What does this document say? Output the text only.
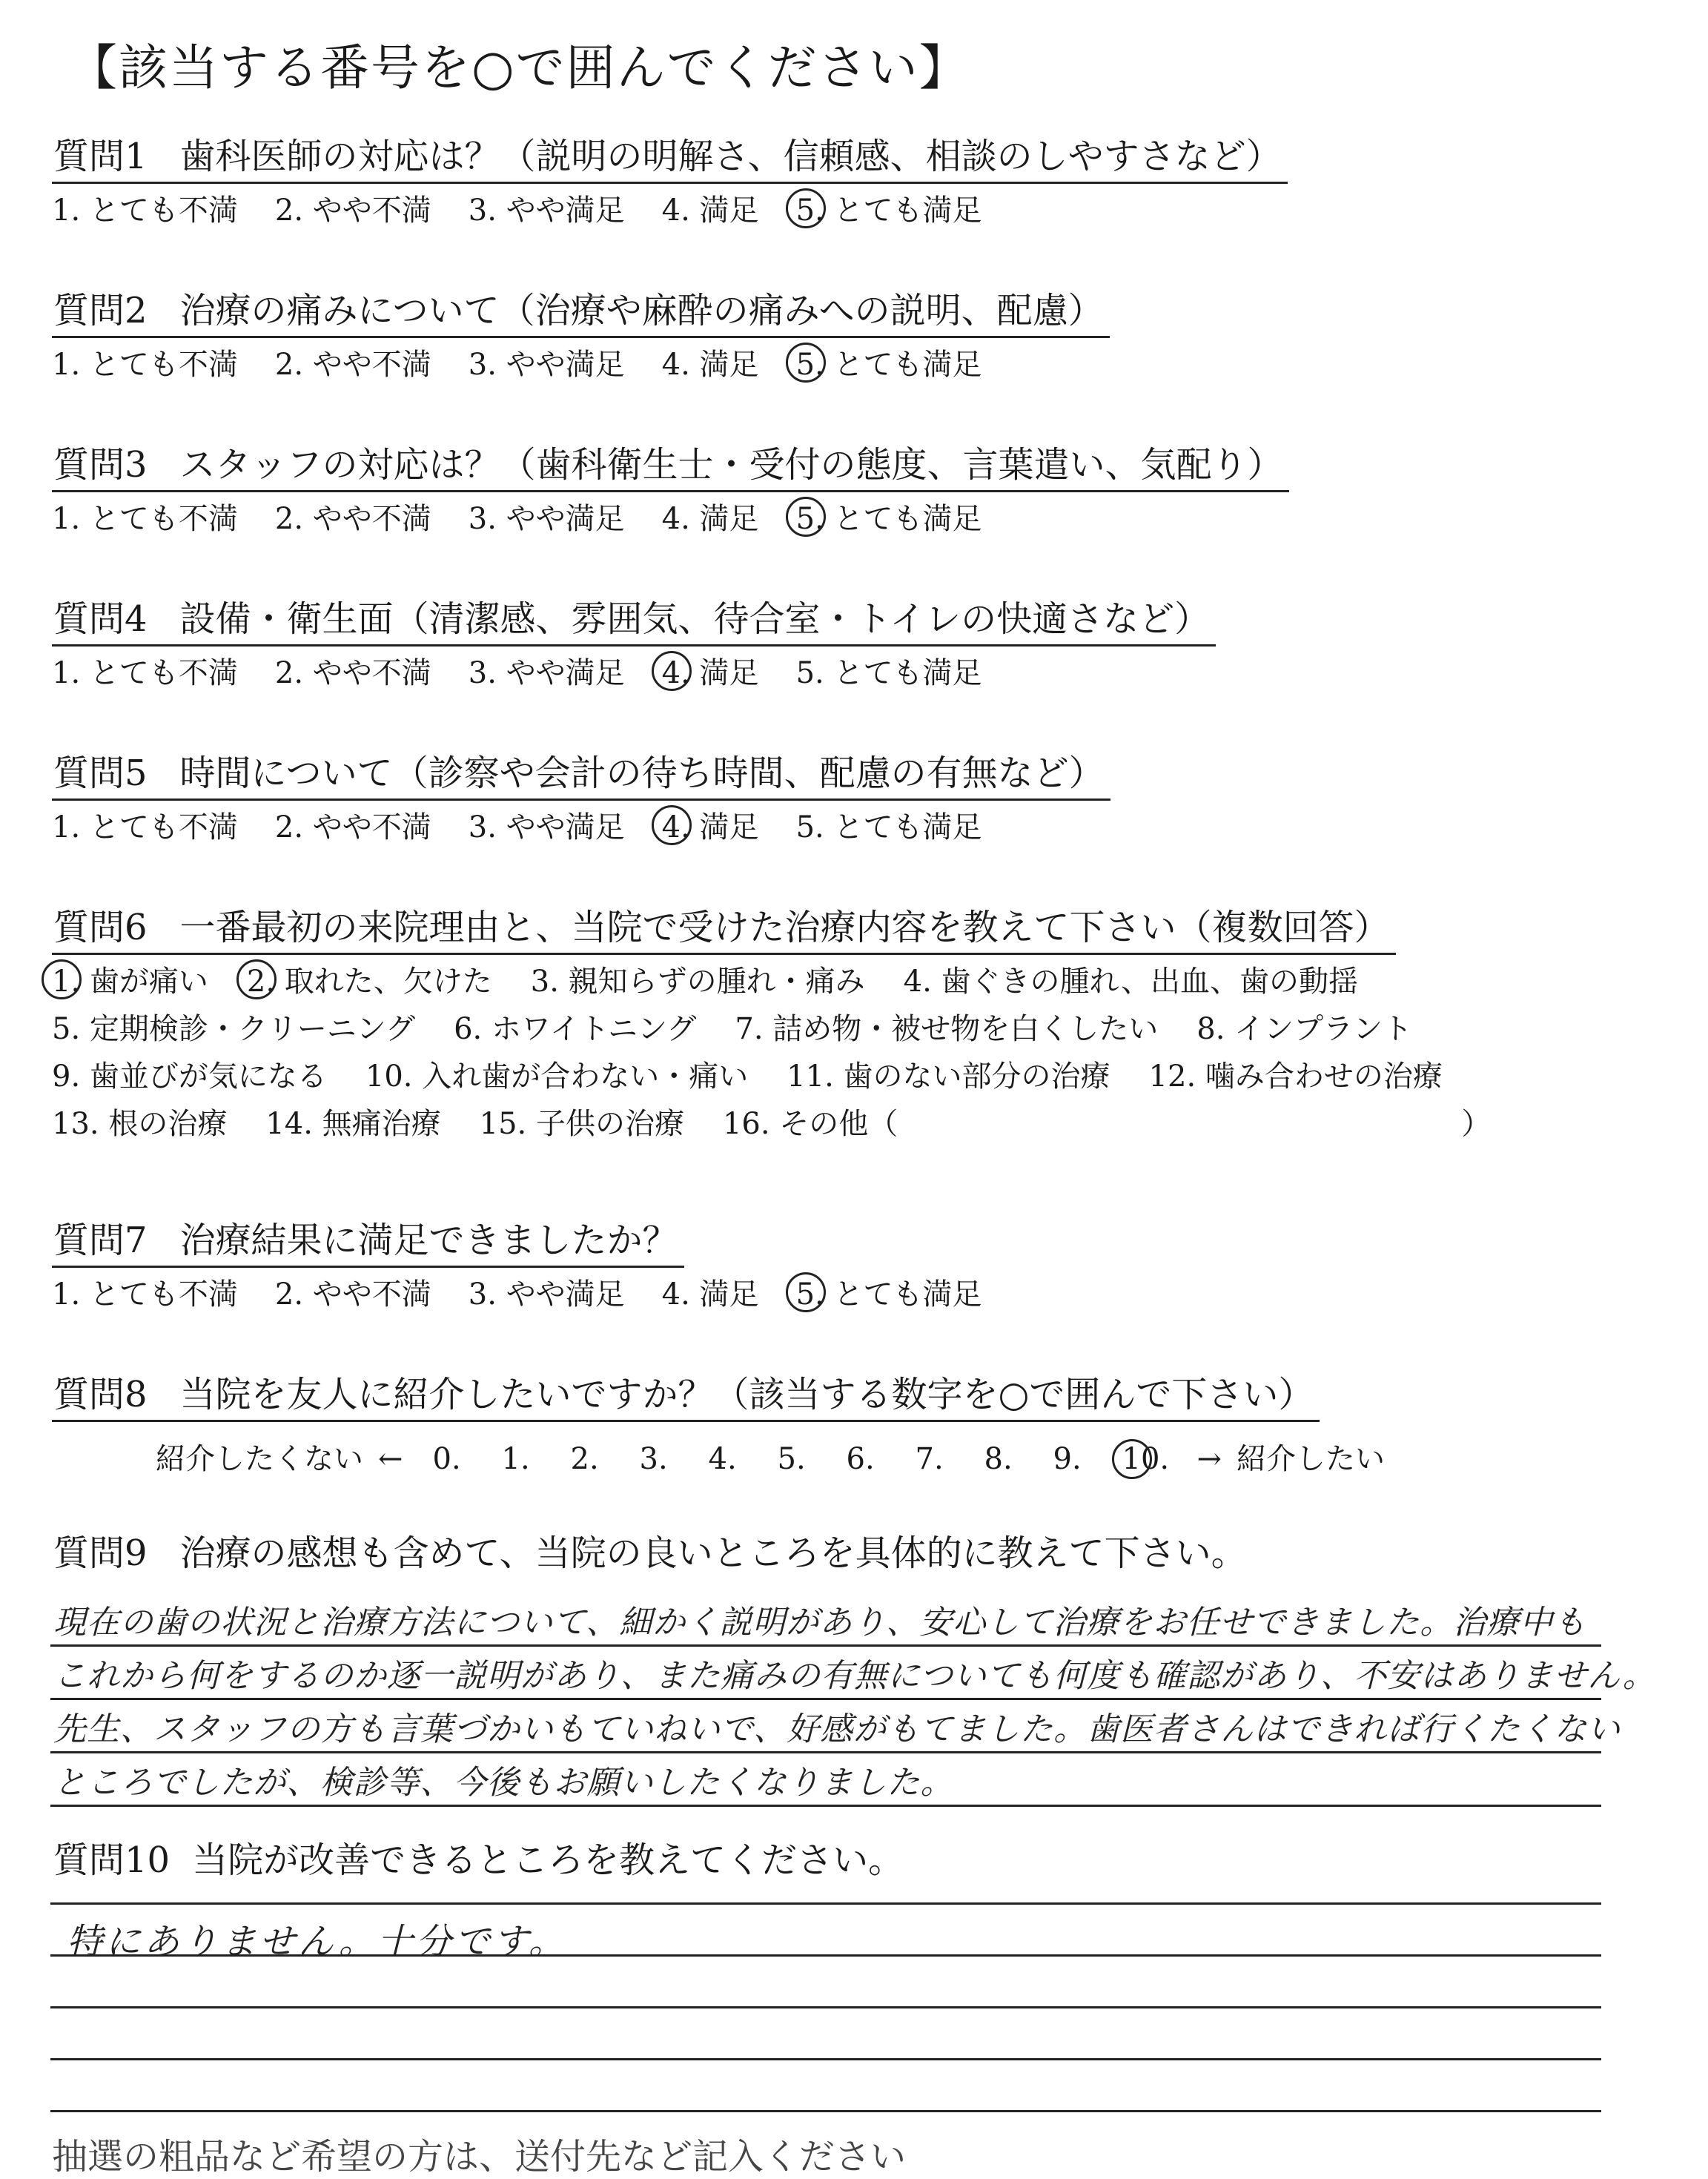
【該当する番号を○で囲んでください】
質問1 歯科医師の対応は？（説明の明解さ、信頼感、相談のしやすさなど）
1. とても不満 2. やや不満 3. やや満足 4. 満足 5. とても満足
質問2 治療の痛みについて（治療や麻酔の痛みへの説明、配慮）
1. とても不満 2. やや不満 3. やや満足 4. 満足 5. とても満足
質問3 スタッフの対応は？（歯科衛生士・受付の態度、言葉遣い、気配り）
1. とても不満 2. やや不満 3. やや満足 4. 満足 5. とても満足
質問4 設備・衛生面（清潔感、雰囲気、待合室・トイレの快適さなど）
1. とても不満 2. やや不満 3. やや満足 4. 満足 5. とても満足
質問5 時間について（診察や会計の待ち時間、配慮の有無など）
1. とても不満 2. やや不満 3. やや満足 4. 満足 5. とても満足
質問6 一番最初の来院理由と、当院で受けた治療内容を教えて下さい（複数回答）
1. 歯が痛い 2. 取れた、欠けた 3. 親知らずの腫れ・痛み 4. 歯ぐきの腫れ、出血、歯の動揺
5. 定期検診・クリーニング 6. ホワイトニング 7. 詰め物・被せ物を白くしたい 8. インプラント
9. 歯並びが気になる 10. 入れ歯が合わない・痛い 11. 歯のない部分の治療 12. 噛み合わせの治療
13. 根の治療 14. 無痛治療 15. 子供の治療 16. その他（	）
質問7 治療結果に満足できましたか？
1. とても不満 2. やや不満 3. やや満足 4. 満足 5. とても満足
質問8 当院を友人に紹介したいですか？（該当する数字を○で囲んで下さい）
紹介したくない ← 0. 1. 2. 3. 4. 5. 6. 7. 8. 9. 10. → 紹介したい
質問9 治療の感想も含めて、当院の良いところを具体的に教えて下さい。
現在の歯の状況と治療方法について、細かく説明があり、安心して治療をお任せできました。治療中も
これから何をするのか逐一説明があり、また痛みの有無についても何度も確認があり、不安はありません。
先生、スタッフの方も言葉づかいもていねいで、好感がもてました。歯医者さんはできれば行くたくない
ところでしたが、検診等、今後もお願いしたくなりました。
質問10 当院が改善できるところを教えてください。
特にありません。十分です。
抽選の粗品など希望の方は、送付先など記入ください
